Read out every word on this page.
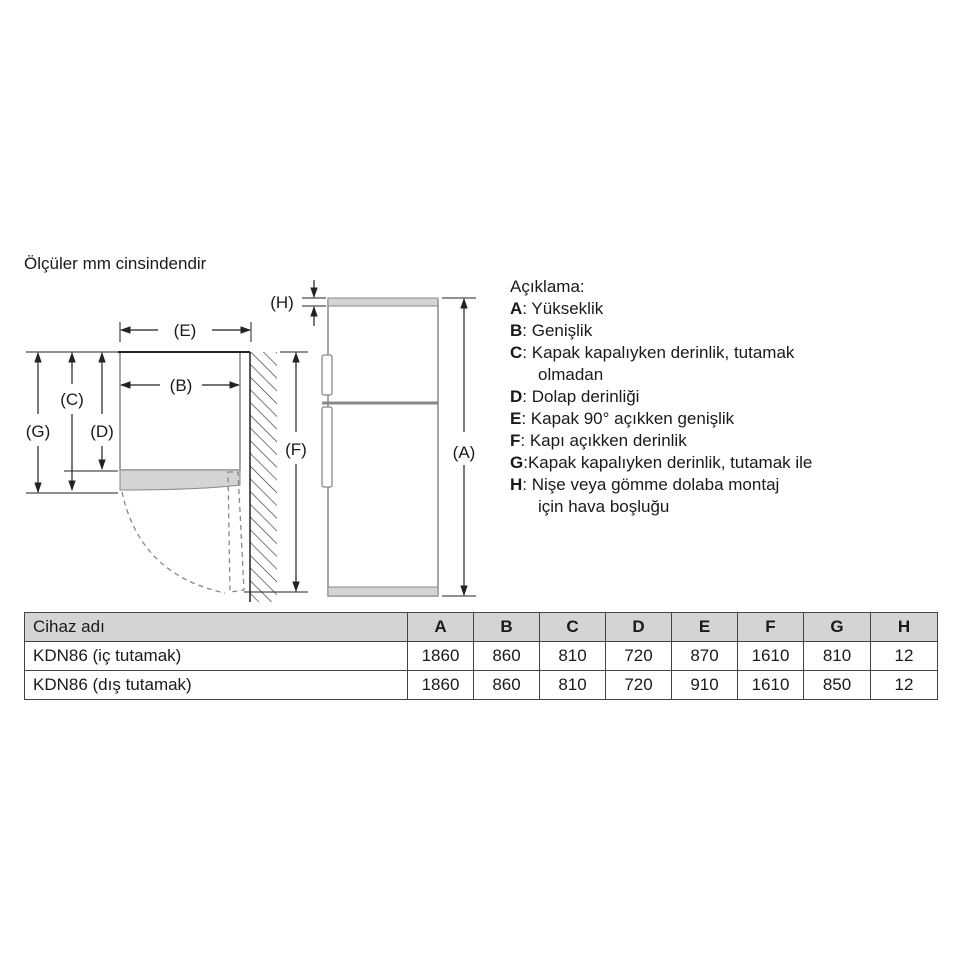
Ölçüler mm cinsindendir
(E)
(B)
(G)
(C)
(D)
(F)	(A)
(H)
Açıklama:
A: Yükseklik
B: Genişlik
C: Kapak kapalıyken derinlik, tutamak
olmadan
D: Dolap derinliği
E: Kapak 90° açıkken genişlik
F: Kapı açıkken derinlik
G:Kapak kapalıyken derinlik, tutamak ile
H: Nişe veya gömme dolaba montaj
için hava boşluğu
Cihaz adı	A	B	C	D	E	F	G	H
KDN86 (iç tutamak)	1860	860	810	720	870	1610	810	12
KDN86 (dış tutamak)	1860	860	810	720	910	1610	850	12
